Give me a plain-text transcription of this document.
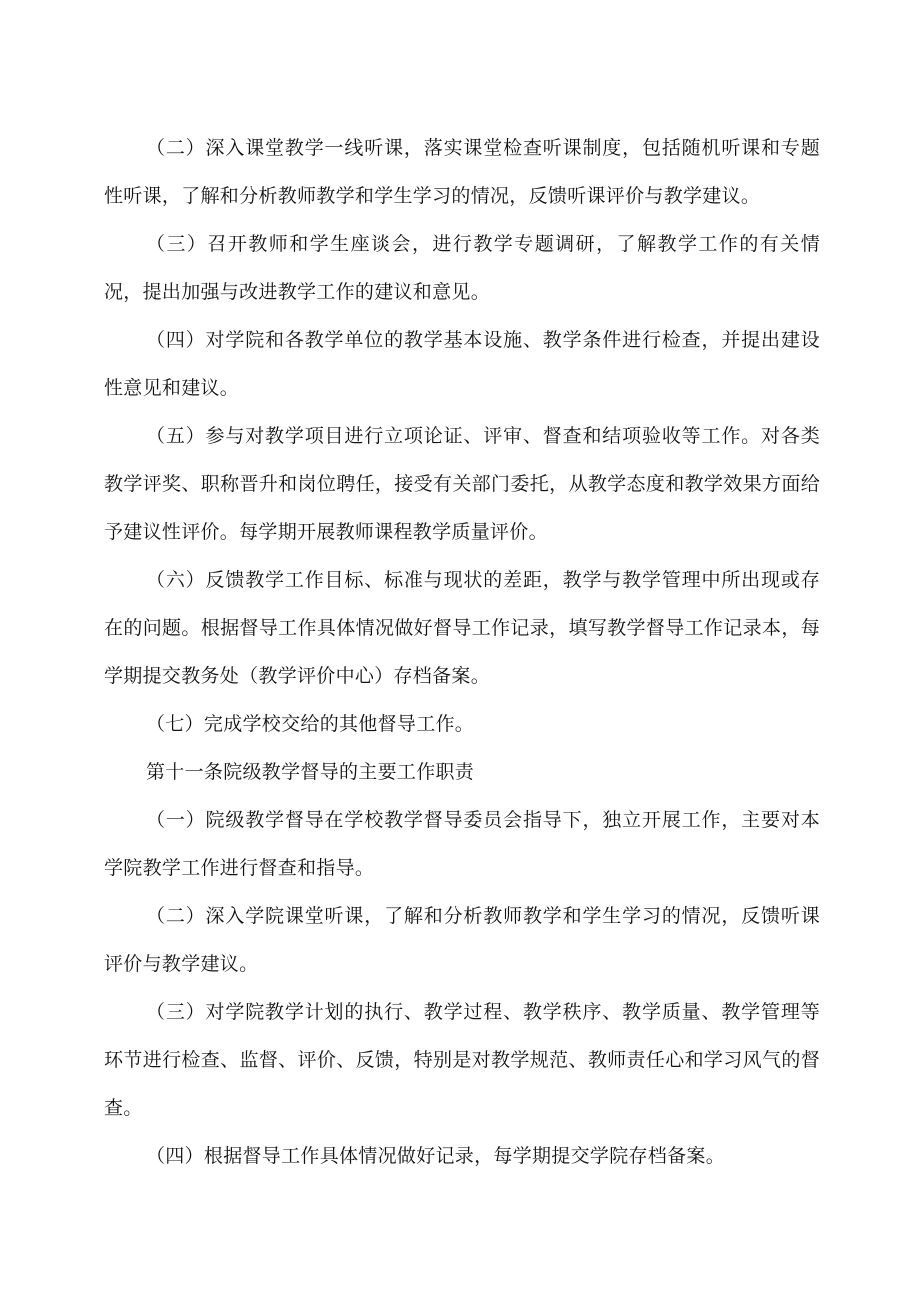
（二）深入课堂教学一线听课，落实课堂检查听课制度，包括随机听课和专题性听课，了解和分析教师教学和学生学习的情况，反馈听课评价与教学建议。

（三）召开教师和学生座谈会，进行教学专题调研，了解教学工作的有关情况，提出加强与改进教学工作的建议和意见。

（四）对学院和各教学单位的教学基本设施、教学条件进行检查，并提出建设性意见和建议。

（五）参与对教学项目进行立项论证、评审、督查和结项验收等工作。对各类教学评奖、职称晋升和岗位聘任，接受有关部门委托，从教学态度和教学效果方面给予建议性评价。每学期开展教师课程教学质量评价。

（六）反馈教学工作目标、标准与现状的差距，教学与教学管理中所出现或存在的问题。根据督导工作具体情况做好督导工作记录，填写教学督导工作记录本，每学期提交教务处（教学评价中心）存档备案。

（七）完成学校交给的其他督导工作。

第十一条院级教学督导的主要工作职责

（一）院级教学督导在学校教学督导委员会指导下，独立开展工作，主要对本学院教学工作进行督查和指导。

（二）深入学院课堂听课，了解和分析教师教学和学生学习的情况，反馈听课评价与教学建议。

（三）对学院教学计划的执行、教学过程、教学秩序、教学质量、教学管理等环节进行检查、监督、评价、反馈，特别是对教学规范、教师责任心和学习风气的督查。

（四）根据督导工作具体情况做好记录，每学期提交学院存档备案。
